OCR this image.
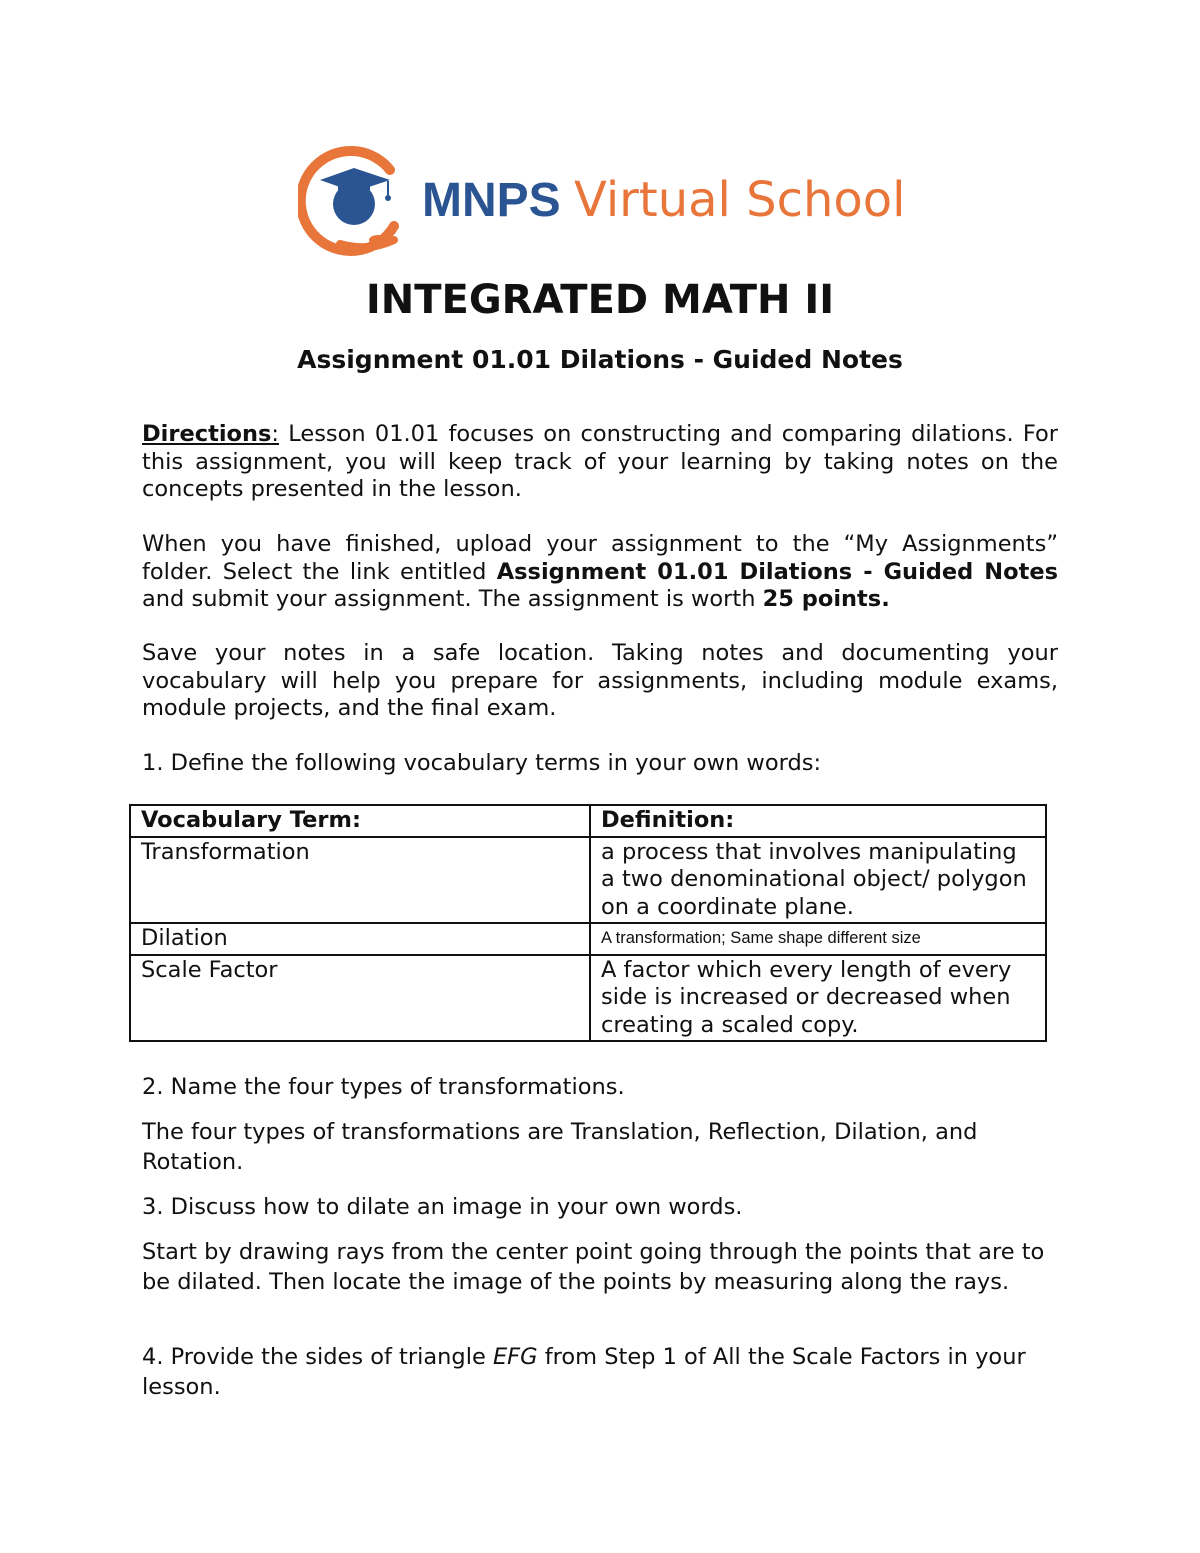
MNPS Virtual School
INTEGRATED MATH II
Assignment 01.01 Dilations - Guided Notes

Directions: Lesson 01.01 focuses on constructing and comparing dilations. For this assignment, you will keep track of your learning by taking notes on the concepts presented in the lesson.

When you have finished, upload your assignment to the “My Assignments” folder. Select the link entitled Assignment 01.01 Dilations - Guided Notes and submit your assignment. The assignment is worth 25 points.

Save your notes in a safe location. Taking notes and documenting your vocabulary will help you prepare for assignments, including module exams, module projects, and the final exam.

1. Define the following vocabulary terms in your own words:

Vocabulary Term:	Definition:
Transformation	a process that involves manipulating a two denominational object/ polygon on a coordinate plane.
Dilation	A transformation; Same shape different size
Scale Factor	A factor which every length of every side is increased or decreased when creating a scaled copy.

2. Name the four types of transformations.

The four types of transformations are Translation, Reflection, Dilation, and Rotation.

3. Discuss how to dilate an image in your own words.

Start by drawing rays from the center point going through the points that are to be dilated. Then locate the image of the points by measuring along the rays.

4. Provide the sides of triangle EFG from Step 1 of All the Scale Factors in your lesson.
